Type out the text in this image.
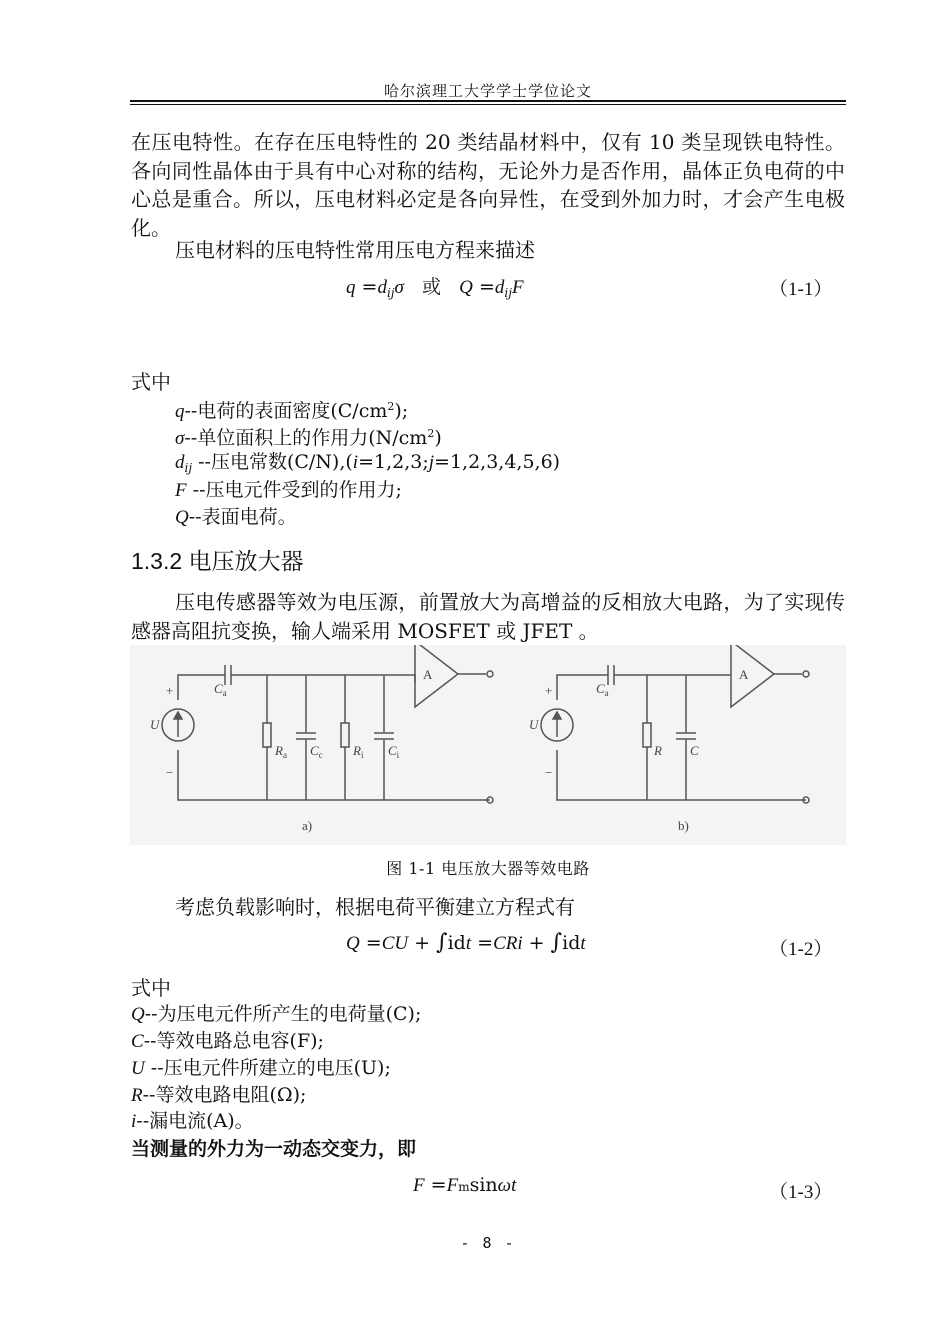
哈尔滨理工大学学士学位论文
在压电特性。在存在压电特性的 20 类结晶材料中，仅有 10 类呈现铁电特性。各向同性晶体由于具有中心对称的结构，无论外力是否作用，晶体正负电荷的中心总是重合。所以，压电材料必定是各向异性，在受到外加力时，才会产生电极化。
压电材料的压电特性常用压电方程来描述
$q =d_{ij}\sigma$ 或 $Q =d_{ij}F$	（1-1）
式中
q--电荷的表面密度$(C/cm^2)$;
σ--单位面积上的作用力$(N/cm^2)$
$d_{ij}$ --压电常数(C/N),(i=1,2,3;j=1,2,3,4,5,6)
F --压电元件受到的作用力;
Q--表面电荷。
1.3.2 电压放大器
压电传感器等效为电压源，前置放大为高增益的反相放大电路，为了实现传感器高阻抗变换，输人端采用 MOSFET 或 JFET 。
+
−
U
$C_a$
$R_a$ $C_c$ $R_i$ $C_i$
A
a)
+
−
U
$C_a$
R C
A
b)
图 1-1 电压放大器等效电路
考虑负载影响时，根据电荷平衡建立方程式有
Q =CU + ∫idt =CRi + ∫idt	（1-2）
式中
Q--为压电元件所产生的电荷量(C);
C--等效电路总电容(F);
U --压电元件所建立的电压(U);
R--等效电路电阻(Ω);
i--漏电流(A)。
当测量的外力为一动态交变力，即
F =Fmsinωt	（1-3）
- 8 -
